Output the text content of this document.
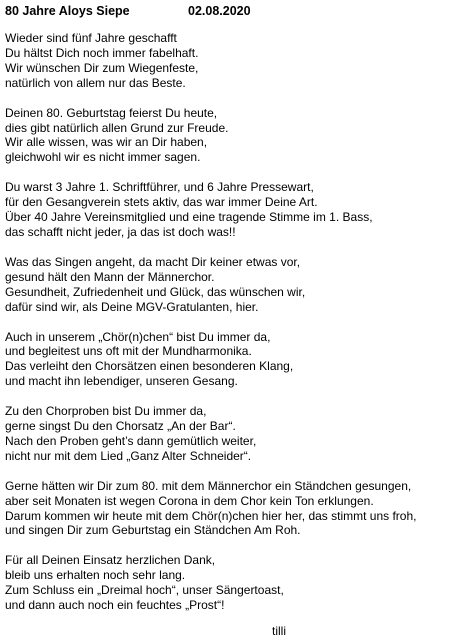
80 Jahre Aloys Siepe	02.08.2020
Wieder sind fünf Jahre geschafft
Du hältst Dich noch immer fabelhaft.
Wir wünschen Dir zum Wiegenfeste,
natürlich von allem nur das Beste.
Deinen 80. Geburtstag feierst Du heute,
dies gibt natürlich allen Grund zur Freude.
Wir alle wissen, was wir an Dir haben,
gleichwohl wir es nicht immer sagen.
Du warst 3 Jahre 1. Schriftführer, und 6 Jahre Pressewart,
für den Gesangverein stets aktiv, das war immer Deine Art.
Über 40 Jahre Vereinsmitglied und eine tragende Stimme im 1. Bass,
das schafft nicht jeder, ja das ist doch was!!
Was das Singen angeht, da macht Dir keiner etwas vor,
gesund hält den Mann der Männerchor.
Gesundheit, Zufriedenheit und Glück, das wünschen wir,
dafür sind wir, als Deine MGV-Gratulanten, hier.
Auch in unserem „Chör(n)chen“ bist Du immer da,
und begleitest uns oft mit der Mundharmonika.
Das verleiht den Chorsätzen einen besonderen Klang,
und macht ihn lebendiger, unseren Gesang.
Zu den Chorproben bist Du immer da,
gerne singst Du den Chorsatz „An der Bar“.
Nach den Proben geht’s dann gemütlich weiter,
nicht nur mit dem Lied „Ganz Alter Schneider“.
Gerne hätten wir Dir zum 80. mit dem Männerchor ein Ständchen gesungen,
aber seit Monaten ist wegen Corona in dem Chor kein Ton erklungen.
Darum kommen wir heute mit dem Chör(n)chen hier her, das stimmt uns froh,
und singen Dir zum Geburtstag ein Ständchen Am Roh.
Für all Deinen Einsatz herzlichen Dank,
bleib uns erhalten noch sehr lang.
Zum Schluss ein „Dreimal hoch“, unser Sängertoast,
und dann auch noch ein feuchtes „Prost“!
tilli
